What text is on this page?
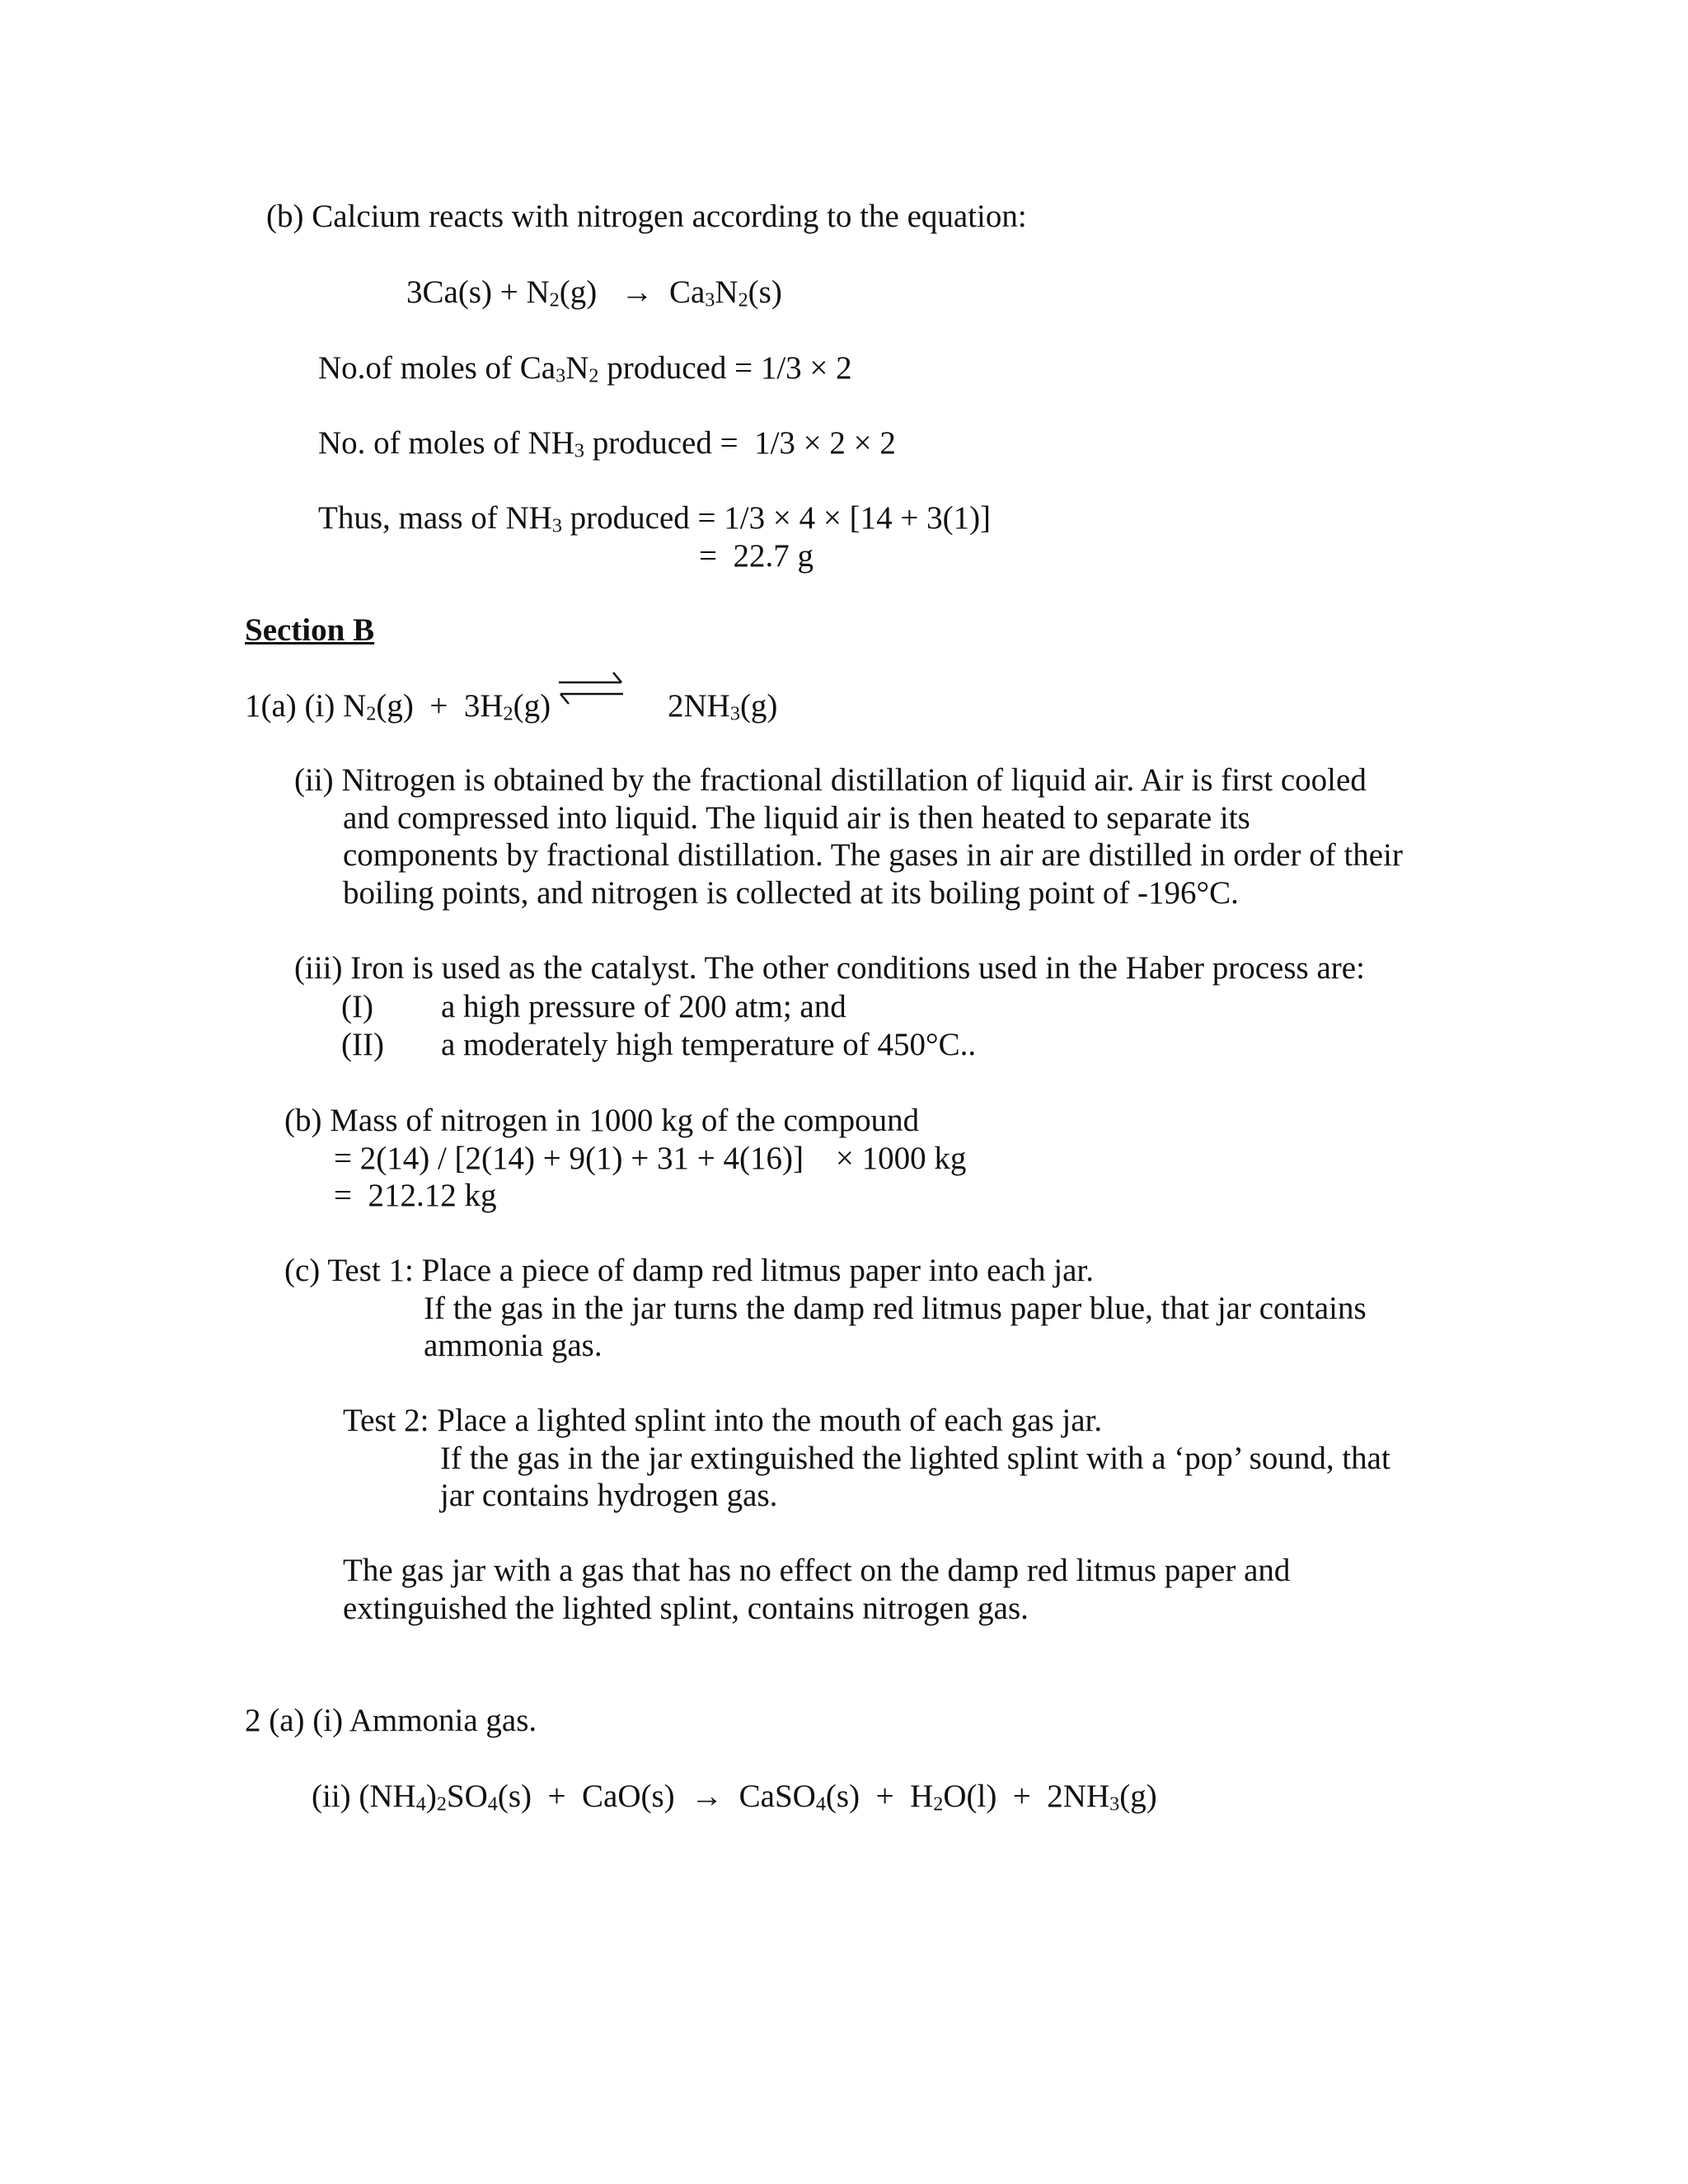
(b) Calcium reacts with nitrogen according to the equation:
$3Ca(s) + N_2(g) \to Ca_3N_2(s)$
No.of moles of $Ca_3N_2$ produced = 1/3 × 2
No. of moles of $NH_3$ produced =  1/3 × 2 × 2
Thus, mass of $NH_3$ produced = 1/3 × 4 × [14 + 3(1)]
=  22.7 g
Section B
1(a) (i) $N_2(g) + 3H_2(g)$	$2NH_3(g)$
(ii) Nitrogen is obtained by the fractional distillation of liquid air. Air is first cooled
and compressed into liquid. The liquid air is then heated to separate its
components by fractional distillation. The gases in air are distilled in order of their
boiling points, and nitrogen is collected at its boiling point of -196°C.
(iii) Iron is used as the catalyst. The other conditions used in the Haber process are:
(I) a high pressure of 200 atm; and
(II) a moderately high temperature of 450°C..
(b) Mass of nitrogen in 1000 kg of the compound
= 2(14) / [2(14) + 9(1) + 31 + 4(16)]    × 1000 kg
=  212.12 kg
(c) Test 1: Place a piece of damp red litmus paper into each jar.
If the gas in the jar turns the damp red litmus paper blue, that jar contains
ammonia gas.
Test 2: Place a lighted splint into the mouth of each gas jar.
If the gas in the jar extinguished the lighted splint with a ‘pop’ sound, that
jar contains hydrogen gas.
The gas jar with a gas that has no effect on the damp red litmus paper and
extinguished the lighted splint, contains nitrogen gas.
2 (a) (i) Ammonia gas.
(ii) $(NH_4)_2SO_4(s) + CaO(s)$  →  CaSO$_4$(s)  +  $H_2O(l) + 2NH_3(g)$
